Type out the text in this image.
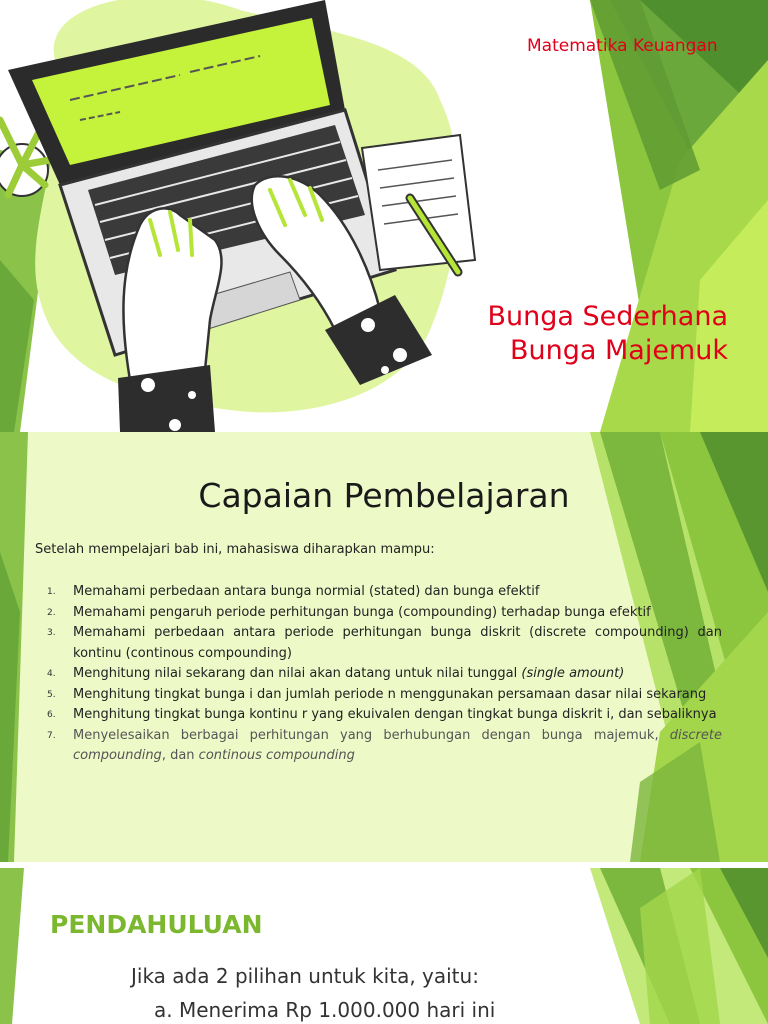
Matematika Keuangan

Bunga Sederhana
Bunga Majemuk
Capaian Pembelajaran

Setelah mempelajari bab ini, mahasiswa diharapkan mampu:

1. Memahami perbedaan antara bunga normial (stated) dan bunga efektif
2. Memahami pengaruh periode perhitungan bunga (compounding) terhadap bunga efektif
3. Memahami perbedaan antara periode perhitungan bunga diskrit (discrete compounding) dan kontinu (continous compounding)
4. Menghitung nilai sekarang dan nilai akan datang untuk nilai tunggal (single amount)
5. Menghitung tingkat bunga i dan jumlah periode n menggunakan persamaan dasar nilai sekarang
6. Menghitung tingkat bunga kontinu r yang ekuivalen dengan tingkat bunga diskrit i, dan sebaliknya
7. Menyelesaikan berbagai perhitungan yang berhubungan dengan bunga majemuk, discrete compounding, dan continous compounding
PENDAHULUAN

Jika ada 2 pilihan untuk kita, yaitu:

a. Menerima Rp 1.000.000 hari ini
